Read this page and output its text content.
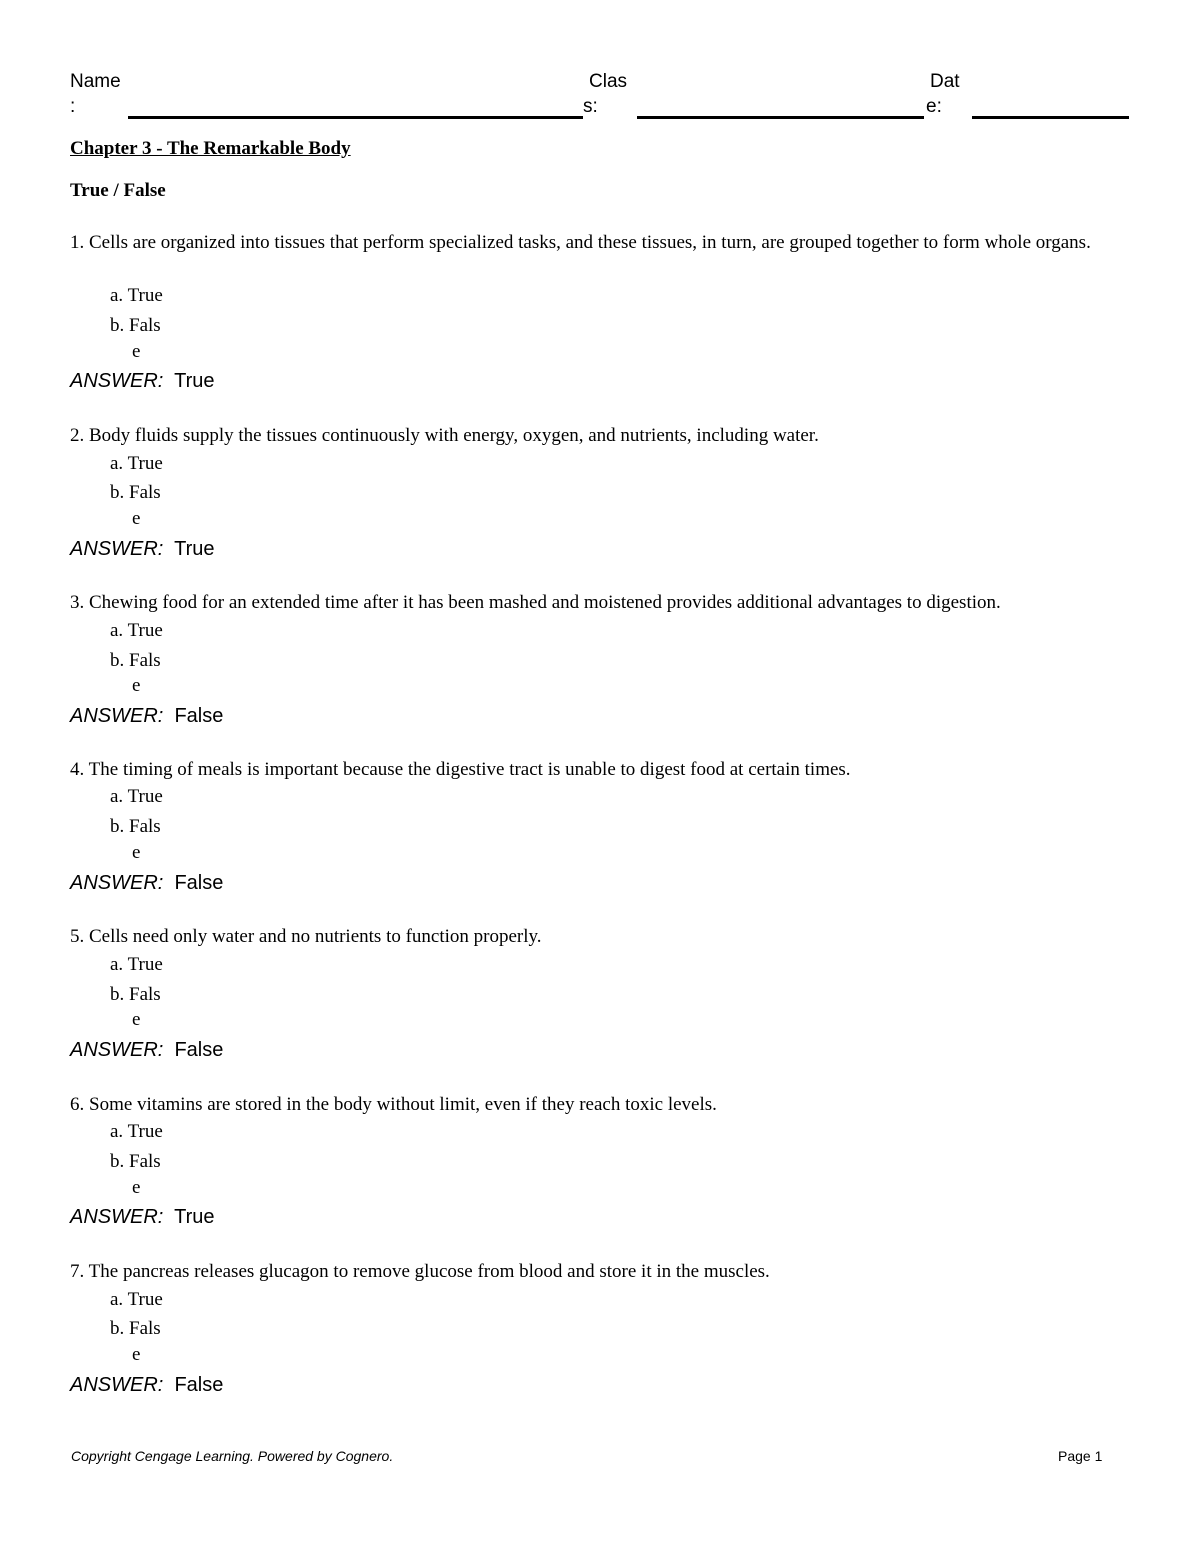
Name
:
Clas
s:
Dat
e:
Chapter 3 - The Remarkable Body
True / False
1. Cells are organized into tissues that perform specialized tasks, and these tissues, in turn, are grouped together to form whole organs.
a. True
b. Fals
e
ANSWER: True
2. Body fluids supply the tissues continuously with energy, oxygen, and nutrients, including water.
a. True
b. Fals
e
ANSWER: True
3. Chewing food for an extended time after it has been mashed and moistened provides additional advantages to digestion.
a. True
b. Fals
e
ANSWER: False
4. The timing of meals is important because the digestive tract is unable to digest food at certain times.
a. True
b. Fals
e
ANSWER: False
5. Cells need only water and no nutrients to function properly.
a. True
b. Fals
e
ANSWER: False
6. Some vitamins are stored in the body without limit, even if they reach toxic levels.
a. True
b. Fals
e
ANSWER: True
7. The pancreas releases glucagon to remove glucose from blood and store it in the muscles.
a. True
b. Fals
e
ANSWER: False
Copyright Cengage Learning. Powered by Cognero.	Page 1
